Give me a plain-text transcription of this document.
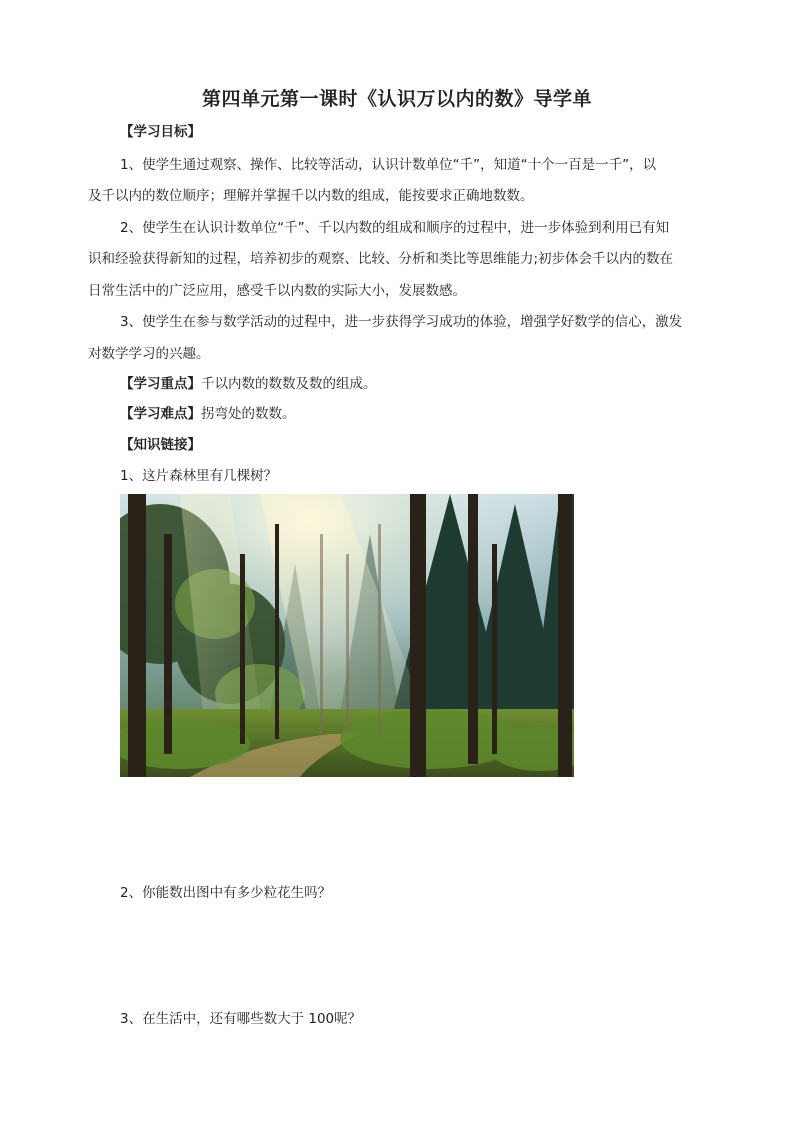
第四单元第一课时《认识万以内的数》导学单
【学习目标】
1、使学生通过观察、操作、比较等活动，认识计数单位“千”，知道“十个一百是一千”，以
及千以内的数位顺序；理解并掌握千以内数的组成，能按要求正确地数数。
2、使学生在认识计数单位“千”、千以内数的组成和顺序的过程中，进一步体验到利用已有知
识和经验获得新知的过程，培养初步的观察、比较、分析和类比等思维能力;初步体会千以内的数在
日常生活中的广泛应用，感受千以内数的实际大小，发展数感。
3、使学生在参与数学活动的过程中，进一步获得学习成功的体验，增强学好数学的信心，激发
对数学学习的兴趣。
【学习重点】千以内数的数数及数的组成。
【学习难点】拐弯处的数数。
【知识链接】
1、这片森林里有几棵树？
2、你能数出图中有多少粒花生吗？
3、在生活中，还有哪些数大于 100呢？
